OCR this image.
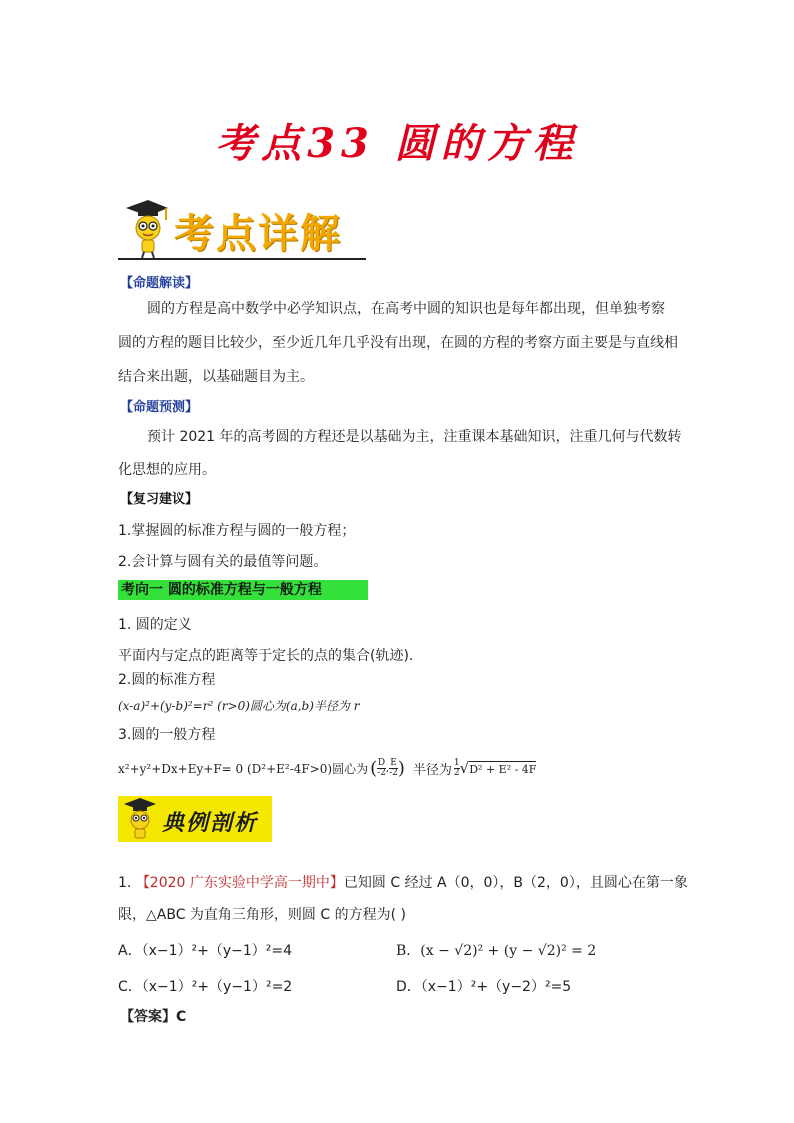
考点33 圆的方程
考点详解
【命题解读】
圆的方程是高中数学中必学知识点，在高考中圆的知识也是每年都出现，但单独考察
圆的方程的题目比较少，至少近几年几乎没有出现，在圆的方程的考察方面主要是与直线相
结合来出题，以基础题目为主。
【命题预测】
预计 2021 年的高考圆的方程还是以基础为主，注重课本基础知识，注重几何与代数转
化思想的应用。
【复习建议】
1.掌握圆的标准方程与圆的一般方程；
2.会计算与圆有关的最值等问题。
考向一 圆的标准方程与一般方程
1. 圆的定义
平面内与定点的距离等于定长的点的集合(轨迹).
2.圆的标准方程
(x-a)²+(y-b)²=r² (r>0)圆心为(a,b)半径为 r
3.圆的一般方程
x²+y²+Dx+Ey+F= 0 (D²+E²-4F>0)圆心为 ( $\frac{D}{-2}$ , $\frac{E}{-2}$ ) 半径为 $\frac{1}{2}$ √ D² + E² - 4F
典例剖析
1. 【2020 广东实验中学高一期中】已知圆 C 经过 A（0，0），B（2，0），且圆心在第一象
限，△ABC 为直角三角形，则圆 C 的方程为( )
A．（x−1）²+（y−1）²=4	B．(x − √2)² + (y − √2)² = 2
C．（x−1）²+（y−1）²=2	D．（x−1）²+（y−2）²=5
【答案】C
